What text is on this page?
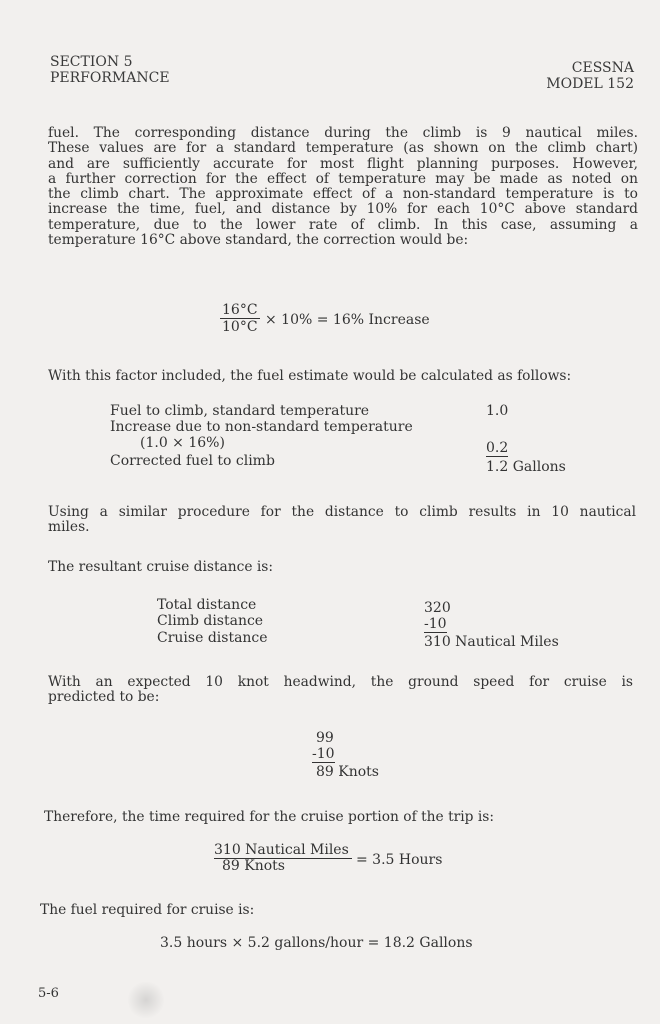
SECTION 5
PERFORMANCE
CESSNA
MODEL 152
fuel. The corresponding distance during the climb is 9 nautical miles.
These values are for a standard temperature (as shown on the climb chart)
and are sufficiently accurate for most flight planning purposes. However,
a further correction for the effect of temperature may be made as noted on
the climb chart. The approximate effect of a non-standard temperature is to
increase the time, fuel, and distance by 10% for each 10°C above standard
temperature, due to the lower rate of climb. In this case, assuming a
temperature 16°C above standard, the correction would be:
$\frac{16^\circ C}{10^\circ C} \times 10\% = 16\%$ Increase
With this factor included, the fuel estimate would be calculated as follows:
Fuel to climb, standard temperature	1.0
Increase due to non-standard temperature
(1.0 × 16%)	0.2
Corrected fuel to climb	1.2 Gallons
Using a similar procedure for the distance to climb results in 10 nautical
miles.
The resultant cruise distance is:
Total distance	320
Climb distance	-10
Cruise distance	310 Nautical Miles
With an expected 10 knot headwind, the ground speed for cruise is
predicted to be:
99
-10
89 Knots
Therefore, the time required for the cruise portion of the trip is:
310 Nautical Miles
89 Knots	= 3.5 Hours
The fuel required for cruise is:
3.5 hours × 5.2 gallons/hour = 18.2 Gallons
5-6
